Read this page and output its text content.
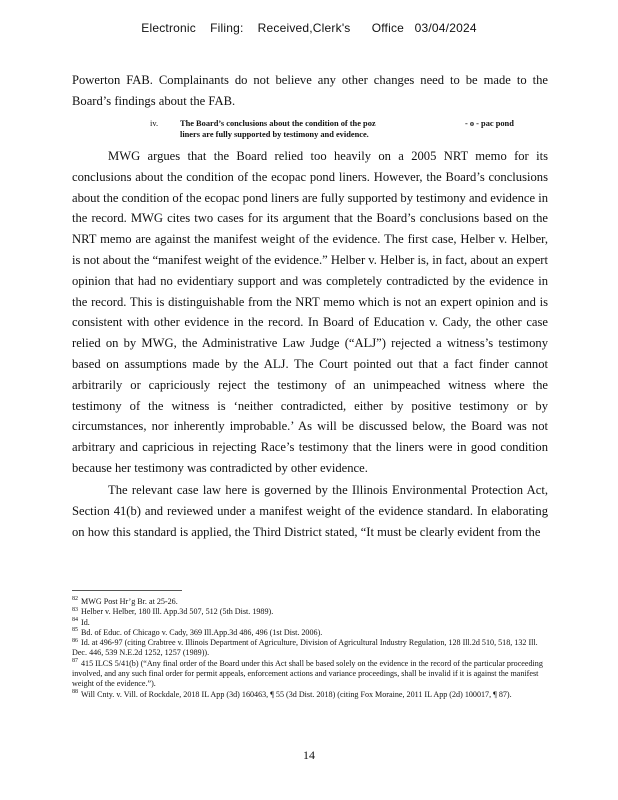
Electronic    Filing:    Received,Clerk's      Office   03/04/2024

Powerton FAB. Complainants do not believe any other changes need to be made to the Board’s findings about the FAB.

iv.	The Board’s conclusions about the condition of the poz liners are fully supported by testimony and evidence.
- o - pac pond

MWG argues that the Board relied too heavily on a 2005 NRT memo for its conclusions about the condition of the ecopac pond liners. However, the Board’s conclusions about the condition of the ecopac pond liners are fully supported by testimony and evidence in the record. MWG cites two cases for its argument that the Board’s conclusions based on the NRT memo are against the manifest weight of the evidence. The first case, Helber v. Helber, is not about the “manifest weight of the evidence.” Helber v. Helber is, in fact, about an expert opinion that had no evidentiary support and was completely contradicted by the evidence in the record. This is distinguishable from the NRT memo which is not an expert opinion and is consistent with other evidence in the record. In Board of Education v. Cady, the other case relied on by MWG, the Administrative Law Judge (“ALJ”) rejected a witness’s testimony based on assumptions made by the ALJ. The Court pointed out that a fact finder cannot arbitrarily or capriciously reject the testimony of an unimpeached witness where the testimony of the witness is ‘neither contradicted, either by positive testimony or by circumstances, nor inherently improbable.’ As will be discussed below, the Board was not arbitrary and capricious in rejecting Race’s testimony that the liners were in good condition because her testimony was contradicted by other evidence.

The relevant case law here is governed by the Illinois Environmental Protection Act, Section 41(b) and reviewed under a manifest weight of the evidence standard. In elaborating on how this standard is applied, the Third District stated, “It must be clearly evident from the

$^{82}$ MWG Post Hr’g Br. at 25-26.
$^{83}$ Helber v. Helber, 180 Ill. App.3d 507, 512 (5th Dist. 1989).
$^{84}$ Id.
$^{85}$ Bd. of Educ. of Chicago v. Cady, 369 Ill.App.3d 486, 496 (1st Dist. 2006).
$^{86}$ Id. at 496-97 (citing Crabtree v. Illinois Department of Agriculture, Division of Agricultural Industry Regulation, 128 Ill.2d 510, 518, 132 Ill. Dec. 446, 539 N.E.2d 1252, 1257 (1989)).
$^{87}$ 415 ILCS 5/41(b) (“Any final order of the Board under this Act shall be based solely on the evidence in the record of the particular proceeding involved, and any such final order for permit appeals, enforcement actions and variance proceedings, shall be invalid if it is against the manifest weight of the evidence.”).
$^{88}$ Will Cnty. v. Vill. of Rockdale, 2018 IL App (3d) 160463, ¶ 55 (3d Dist. 2018) (citing Fox Moraine, 2011 IL App (2d) 100017, ¶ 87).
14
